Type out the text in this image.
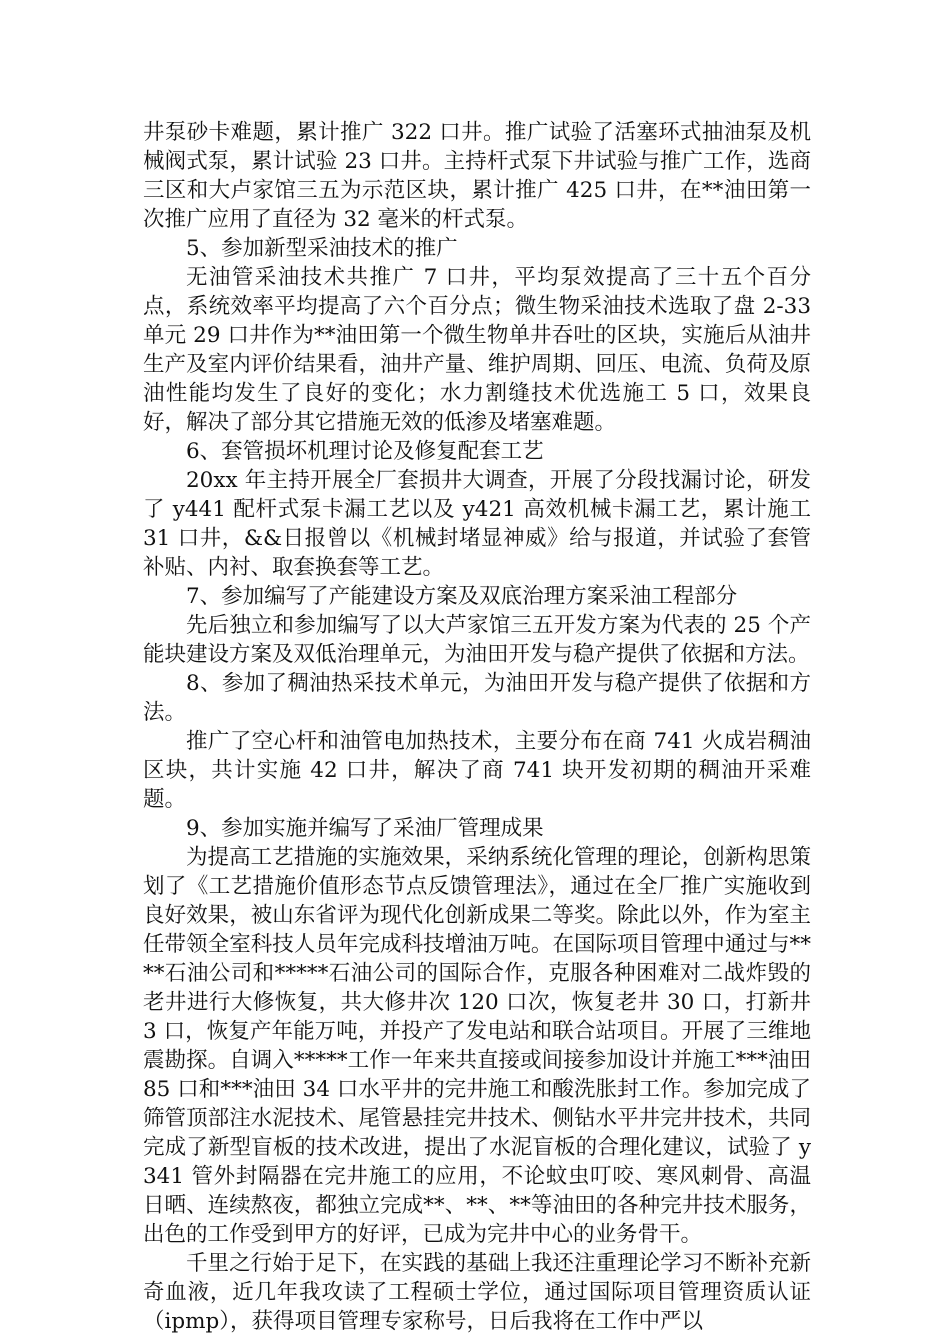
井泵砂卡难题，累计推广 322 口井。推广试验了活塞环式抽油泵及机械阀式泵，累计试验 23 口井。主持杆式泵下井试验与推广工作，选商三区和大卢家馆三五为示范区块，累计推广 425 口井，在**油田第一次推广应用了直径为 32 毫米的杆式泵。

5、参加新型采油技术的推广

无油管采油技术共推广 7 口井，平均泵效提高了三十五个百分点，系统效率平均提高了六个百分点；微生物采油技术选取了盘 2-33 单元 29 口井作为**油田第一个微生物单井吞吐的区块，实施后从油井生产及室内评价结果看，油井产量、维护周期、回压、电流、负荷及原油性能均发生了良好的变化；水力割缝技术优选施工 5 口，效果良好，解决了部分其它措施无效的低渗及堵塞难题。

6、套管损坏机理讨论及修复配套工艺

20xx 年主持开展全厂套损井大调查，开展了分段找漏讨论，研发了 y441 配杆式泵卡漏工艺以及 y421 高效机械卡漏工艺，累计施工 31 口井，&&日报曾以《机械封堵显神威》给与报道，并试验了套管补贴、内衬、取套换套等工艺。

7、参加编写了产能建设方案及双底治理方案采油工程部分

先后独立和参加编写了以大芦家馆三五开发方案为代表的 25 个产能块建设方案及双低治理单元，为油田开发与稳产提供了依据和方法。

8、参加了稠油热采技术单元，为油田开发与稳产提供了依据和方法。

推广了空心杆和油管电加热技术，主要分布在商 741 火成岩稠油区块，共计实施 42 口井，解决了商 741 块开发初期的稠油开采难题。

9、参加实施并编写了采油厂管理成果

为提高工艺措施的实施效果，采纳系统化管理的理论，创新构思策划了《工艺措施价值形态节点反馈管理法》，通过在全厂推广实施收到良好效果，被山东省评为现代化创新成果二等奖。除此以外，作为室主任带领全室科技人员年完成科技增油万吨。在国际项目管理中通过与****石油公司和*****石油公司的国际合作，克服各种困难对二战炸毁的老井进行大修恢复，共大修井次 120 口次，恢复老井 30 口，打新井 3 口，恢复产年能万吨，并投产了发电站和联合站项目。开展了三维地震勘探。自调入*****工作一年来共直接或间接参加设计并施工***油田 85 口和***油田 34 口水平井的完井施工和酸洗胀封工作。参加完成了筛管顶部注水泥技术、尾管悬挂完井技术、侧钻水平井完井技术，共同完成了新型盲板的技术改进，提出了水泥盲板的合理化建议，试验了 y341 管外封隔器在完井施工的应用，不论蚊虫叮咬、寒风刺骨、高温日晒、连续熬夜，都独立完成**、**、**等油田的各种完井技术服务，出色的工作受到甲方的好评，已成为完井中心的业务骨干。

千里之行始于足下，在实践的基础上我还注重理论学习不断补充新奇血液，近几年我攻读了工程硕士学位，通过国际项目管理资质认证（ipmp），获得项目管理专家称号，日后我将在工作中严以
